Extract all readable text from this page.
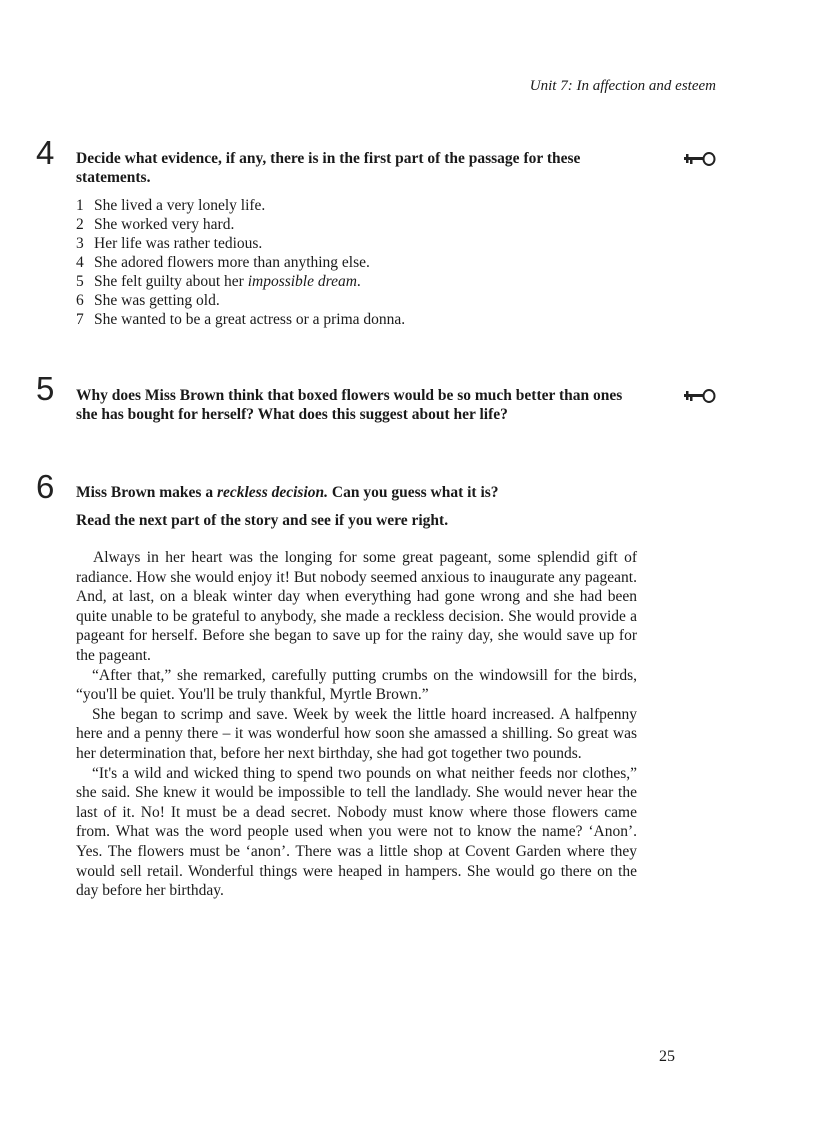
Unit 7: In affection and esteem
4 Decide what evidence, if any, there is in the first part of the passage for these statements.
1 She lived a very lonely life.
2 She worked very hard.
3 Her life was rather tedious.
4 She adored flowers more than anything else.
5 She felt guilty about her impossible dream.
6 She was getting old.
7 She wanted to be a great actress or a prima donna.
5 Why does Miss Brown think that boxed flowers would be so much better than ones she has bought for herself? What does this suggest about her life?
6 Miss Brown makes a reckless decision. Can you guess what it is?
Read the next part of the story and see if you were right.

Always in her heart was the longing for some great pageant, some splendid gift of radiance. How she would enjoy it! But nobody seemed anxious to inaugurate any pageant. And, at last, on a bleak winter day when everything had gone wrong and she had been quite unable to be grateful to anybody, she made a reckless decision. She would provide a pageant for herself. Before she began to save up for the rainy day, she would save up for the pageant.

“After that,” she remarked, carefully putting crumbs on the windowsill for the birds, “you'll be quiet. You'll be truly thankful, Myrtle Brown.”

She began to scrimp and save. Week by week the little hoard increased. A halfpenny here and a penny there – it was wonderful how soon she amassed a shilling. So great was her determination that, before her next birthday, she had got together two pounds.

“It's a wild and wicked thing to spend two pounds on what neither feeds nor clothes,” she said. She knew it would be impossible to tell the landlady. She would never hear the last of it. No! It must be a dead secret. Nobody must know where those flowers came from. What was the word people used when you were not to know the name? ‘Anon’. Yes. The flowers must be ‘anon’. There was a little shop at Covent Garden where they would sell retail. Wonderful things were heaped in hampers. She would go there on the day before her birthday.

25
